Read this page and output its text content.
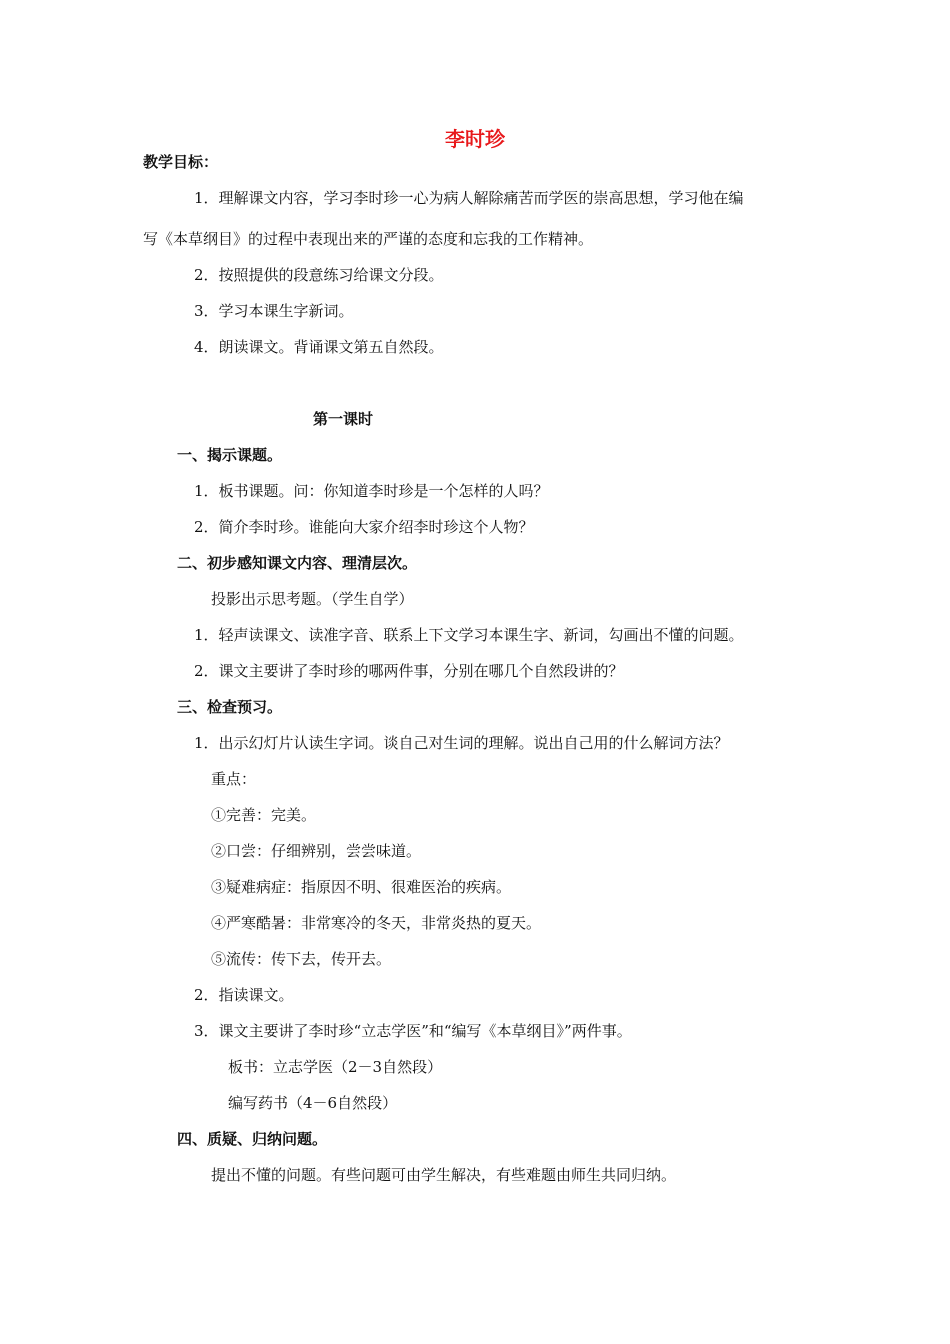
李时珍
教学目标：
1．理解课文内容，学习李时珍一心为病人解除痛苦而学医的崇高思想，学习他在编
写《本草纲目》的过程中表现出来的严谨的态度和忘我的工作精神。
2．按照提供的段意练习给课文分段。
3．学习本课生字新词。
4．朗读课文。背诵课文第五自然段。
第一课时
一、揭示课题。
1．板书课题。问：你知道李时珍是一个怎样的人吗？
2．简介李时珍。谁能向大家介绍李时珍这个人物？
二、初步感知课文内容、理清层次。
投影出示思考题。（学生自学）
1．轻声读课文、读准字音、联系上下文学习本课生字、新词，勾画出不懂的问题。
2．课文主要讲了李时珍的哪两件事，分别在哪几个自然段讲的？
三、检查预习。
1．出示幻灯片认读生字词。谈自己对生词的理解。说出自己用的什么解词方法？
重点：
①完善：完美。
②口尝：仔细辨别，尝尝味道。
③疑难病症：指原因不明、很难医治的疾病。
④严寒酷暑：非常寒冷的冬天，非常炎热的夏天。
⑤流传：传下去，传开去。
2．指读课文。
3．课文主要讲了李时珍“立志学医”和“编写《本草纲目》”两件事。
板书：立志学医（2－3自然段）
编写药书（4－6自然段）
四、质疑、归纳问题。
提出不懂的问题。有些问题可由学生解决，有些难题由师生共同归纳。
